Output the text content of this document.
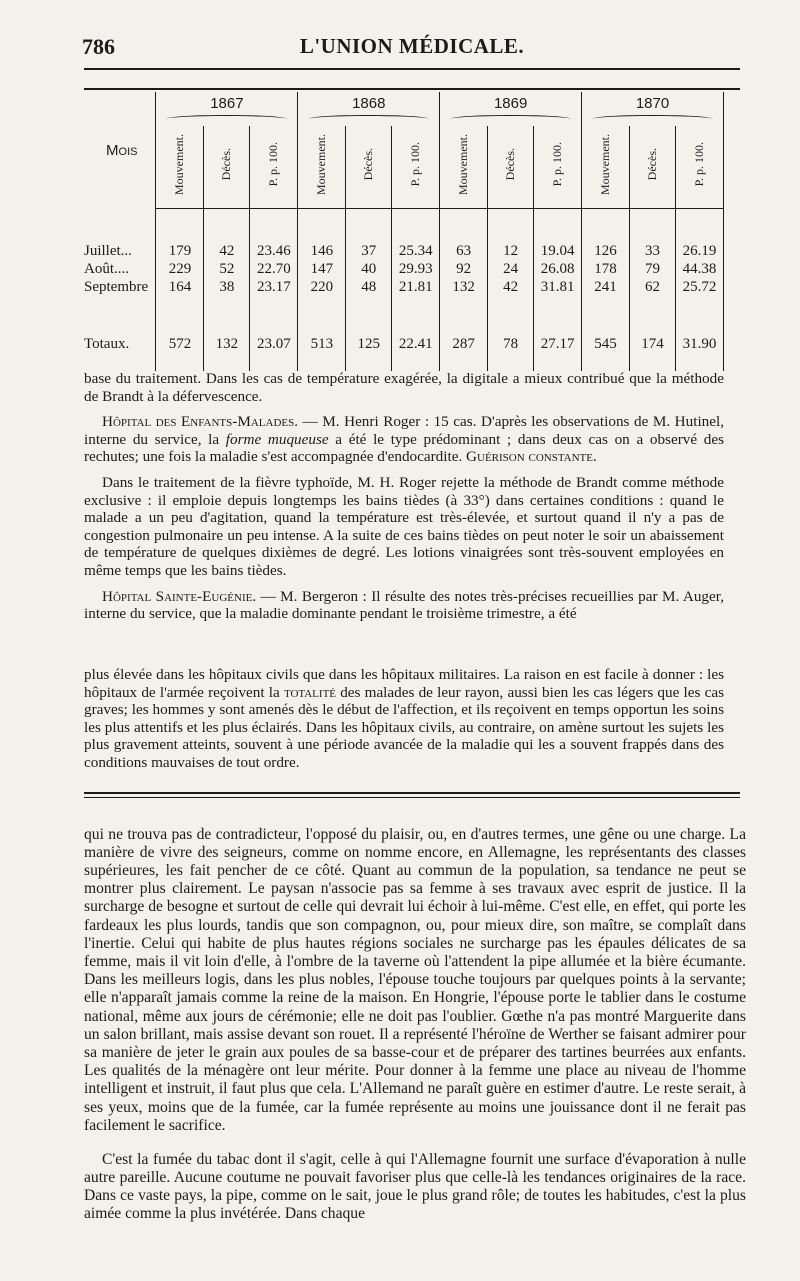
786	L'UNION MÉDICALE.
Mois	1867			1868			1869			1870		

	Mouvement.	Décès.	P. p. 100.	Mouvement.	Décès.	P. p. 100.	Mouvement.	Décès.	P. p. 100.	Mouvement.	Décès.	P. p. 100.

Juillet...	179	42	23.46	146	37	25.34	63	12	19.04	126	33	26.19
Août....	229	52	22.70	147	40	29.93	92	24	26.08	178	79	44.38
Septembre	164	38	23.17	220	48	21.81	132	42	31.81	241	62	25.72

Totaux.	572	132	23.07	513	125	22.41	287	78	27.17	545	174	31.90

base du traitement. Dans les cas de température exagérée, la digitale a mieux contribué que la méthode de Brandt à la défervescence.

Hôpital des Enfants-Malades. — M. Henri Roger : 15 cas. D'après les observations de M. Hutinel, interne du service, la forme muqueuse a été le type prédominant ; dans deux cas on a observé des rechutes; une fois la maladie s'est accompagnée d'endocardite. Guérison constante.

Dans le traitement de la fièvre typhoïde, M. H. Roger rejette la méthode de Brandt comme méthode exclusive : il emploie depuis longtemps les bains tièdes (à 33°) dans certaines conditions : quand le malade a un peu d'agitation, quand la température est très-élevée, et surtout quand il n'y a pas de congestion pulmonaire un peu intense. A la suite de ces bains tièdes on peut noter le soir un abaissement de température de quelques dixièmes de degré. Les lotions vinaigrées sont très-souvent employées en même temps que les bains tièdes.

Hôpital Sainte-Eugénie. — M. Bergeron : Il résulte des notes très-précises recueillies par M. Auger, interne du service, que la maladie dominante pendant le troisième trimestre, a été

plus élevée dans les hôpitaux civils que dans les hôpitaux militaires. La raison en est facile à donner : les hôpitaux de l'armée reçoivent la totalité des malades de leur rayon, aussi bien les cas légers que les cas graves; les hommes y sont amenés dès le début de l'affection, et ils reçoivent en temps opportun les soins les plus attentifs et les plus éclairés. Dans les hôpitaux civils, au contraire, on amène surtout les sujets les plus gravement atteints, souvent à une période avancée de la maladie qui les a souvent frappés dans des conditions mauvaises de tout ordre.

qui ne trouva pas de contradicteur, l'opposé du plaisir, ou, en d'autres termes, une gêne ou une charge. La manière de vivre des seigneurs, comme on nomme encore, en Allemagne, les représentants des classes supérieures, les fait pencher de ce côté. Quant au commun de la population, sa tendance ne peut se montrer plus clairement. Le paysan n'associe pas sa femme à ses travaux avec esprit de justice. Il la surcharge de besogne et surtout de celle qui devrait lui échoir à lui-même. C'est elle, en effet, qui porte les fardeaux les plus lourds, tandis que son compagnon, ou, pour mieux dire, son maître, se complaît dans l'inertie. Celui qui habite de plus hautes régions sociales ne surcharge pas les épaules délicates de sa femme, mais il vit loin d'elle, à l'ombre de la taverne où l'attendent la pipe allumée et la bière écumante. Dans les meilleurs logis, dans les plus nobles, l'épouse touche toujours par quelques points à la servante; elle n'apparaît jamais comme la reine de la maison. En Hongrie, l'épouse porte le tablier dans le costume national, même aux jours de cérémonie; elle ne doit pas l'oublier. Gœthe n'a pas montré Marguerite dans un salon brillant, mais assise devant son rouet. Il a représenté l'héroïne de Werther se faisant admirer pour sa manière de jeter le grain aux poules de sa basse-cour et de préparer des tartines beurrées aux enfants. Les qualités de la ménagère ont leur mérite. Pour donner à la femme une place au niveau de l'homme intelligent et instruit, il faut plus que cela. L'Allemand ne paraît guère en estimer d'autre. Le reste serait, à ses yeux, moins que de la fumée, car la fumée représente au moins une jouissance dont il ne ferait pas facilement le sacrifice.

C'est la fumée du tabac dont il s'agit, celle à qui l'Allemagne fournit une surface d'évaporation à nulle autre pareille. Aucune coutume ne pouvait favoriser plus que celle-là les tendances originaires de la race. Dans ce vaste pays, la pipe, comme on le sait, joue le plus grand rôle; de toutes les habitudes, c'est la plus aimée comme la plus invétérée. Dans chaque
